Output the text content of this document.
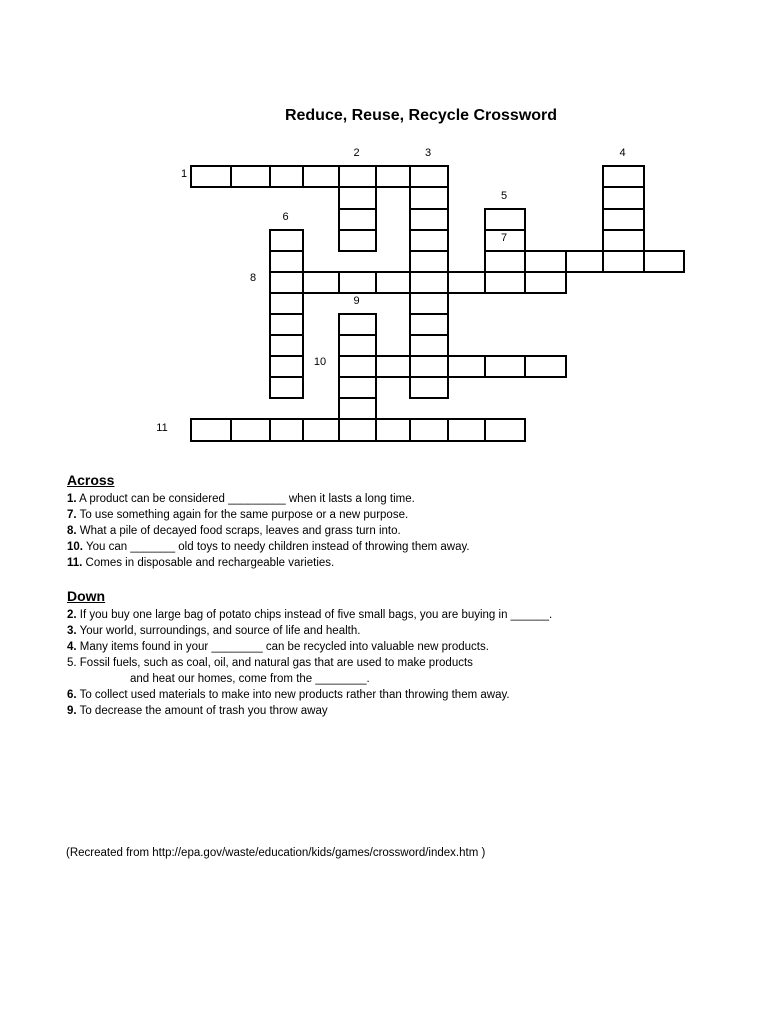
Reduce, Reuse, Recycle Crossword
1
2	3	4
5
6
7
8
9
10
11
Across
1. A product can be considered _________ when it lasts a long time.
7. To use something again for the same purpose or a new purpose.
8. What a pile of decayed food scraps, leaves and grass turn into.
10. You can _______ old toys to needy children instead of throwing them away.
11. Comes in disposable and rechargeable varieties.
Down
2. If you buy one large bag of potato chips instead of five small bags, you are buying in ______.
3. Your world, surroundings, and source of life and health.
4. Many items found in your ________ can be recycled into valuable new products.
5. Fossil fuels, such as coal, oil, and natural gas that are used to make products
and heat our homes, come from the ________.
6. To collect used materials to make into new products rather than throwing them away.
9. To decrease the amount of trash you throw away
(Recreated from http://epa.gov/waste/education/kids/games/crossword/index.htm )
